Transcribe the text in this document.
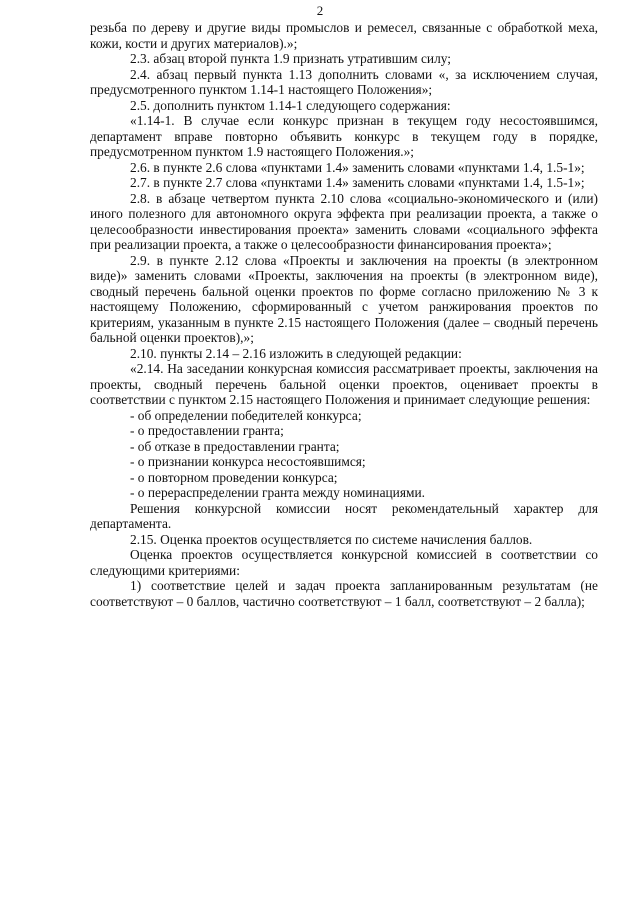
2

резьба по дереву и другие виды промыслов и ремесел, связанные с обработкой меха, кожи, кости и других материалов).»;

2.3. абзац второй пункта 1.9 признать утратившим силу;

2.4. абзац первый пункта 1.13 дополнить словами «, за исключением случая, предусмотренного пунктом 1.14-1 настоящего Положения»;

2.5. дополнить пунктом 1.14-1 следующего содержания:

«1.14-1. В случае если конкурс признан в текущем году несостоявшимся, департамент вправе повторно объявить конкурс в текущем году в порядке, предусмотренном пунктом 1.9 настоящего Положения.»;

2.6. в пункте 2.6 слова «пунктами 1.4» заменить словами «пунктами 1.4, 1.5-1»;

2.7. в пункте 2.7 слова «пунктами 1.4» заменить словами «пунктами 1.4, 1.5-1»;

2.8. в абзаце четвертом пункта 2.10 слова «социально-экономического и (или) иного полезного для автономного округа эффекта при реализации проекта, а также о целесообразности инвестирования проекта» заменить словами «социального эффекта при реализации проекта, а также о целесообразности финансирования проекта»;

2.9. в пункте 2.12 слова «Проекты и заключения на проекты (в электронном виде)» заменить словами «Проекты, заключения на проекты (в электронном виде), сводный перечень бальной оценки проектов по форме согласно приложению № 3 к настоящему Положению, сформированный с учетом ранжирования проектов по критериям, указанным в пункте 2.15 настоящего Положения (далее – сводный перечень бальной оценки проектов),»;

2.10. пункты 2.14 – 2.16 изложить в следующей редакции:

«2.14. На заседании конкурсная комиссия рассматривает проекты, заключения на проекты, сводный перечень бальной оценки проектов, оценивает проекты в соответствии с пунктом 2.15 настоящего Положения и принимает следующие решения:

- об определении победителей конкурса;

- о предоставлении гранта;

- об отказе в предоставлении гранта;

- о признании конкурса несостоявшимся;

- о повторном проведении конкурса;

- о перераспределении гранта между номинациями.

Решения конкурсной комиссии носят рекомендательный характер для департамента.

2.15. Оценка проектов осуществляется по системе начисления баллов.

Оценка проектов осуществляется конкурсной комиссией в соответствии со следующими критериями:

1) соответствие целей и задач проекта запланированным результатам (не соответствуют – 0 баллов, частично соответствуют – 1 балл, соответствуют – 2 балла);
